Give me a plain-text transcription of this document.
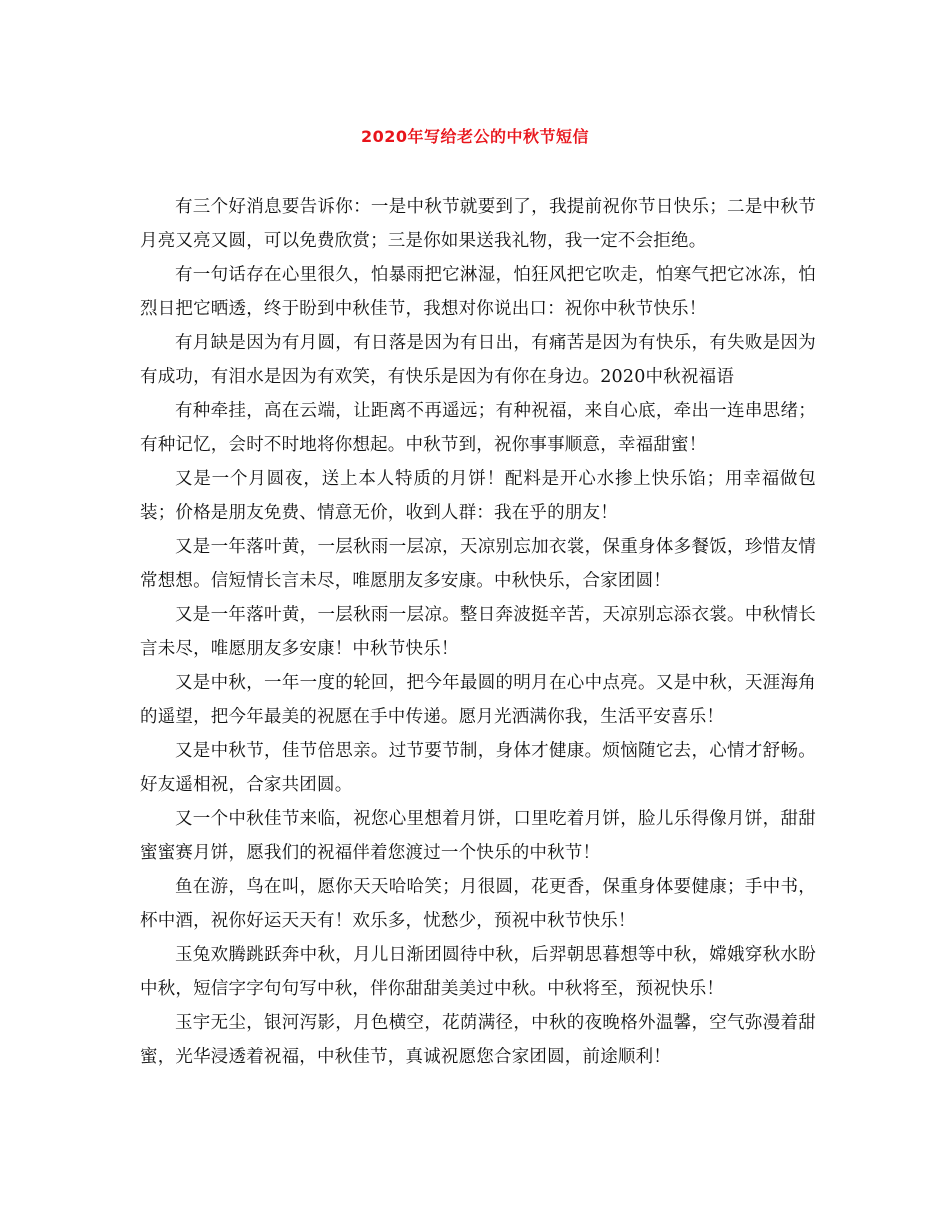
2020年写给老公的中秋节短信

有三个好消息要告诉你：一是中秋节就要到了，我提前祝你节日快乐；二是中秋节月亮又亮又圆，可以免费欣赏；三是你如果送我礼物，我一定不会拒绝。

有一句话存在心里很久，怕暴雨把它淋湿，怕狂风把它吹走，怕寒气把它冰冻，怕烈日把它晒透，终于盼到中秋佳节，我想对你说出口：祝你中秋节快乐！

有月缺是因为有月圆，有日落是因为有日出，有痛苦是因为有快乐，有失败是因为有成功，有泪水是因为有欢笑，有快乐是因为有你在身边。2020中秋祝福语

有种牵挂，高在云端，让距离不再遥远；有种祝福，来自心底，牵出一连串思绪；有种记忆，会时不时地将你想起。中秋节到，祝你事事顺意，幸福甜蜜！

又是一个月圆夜，送上本人特质的月饼！配料是开心水掺上快乐馅；用幸福做包装；价格是朋友免费、情意无价，收到人群：我在乎的朋友！

又是一年落叶黄，一层秋雨一层凉，天凉别忘加衣裳，保重身体多餐饭，珍惜友情常想想。信短情长言未尽，唯愿朋友多安康。中秋快乐，合家团圆！

又是一年落叶黄，一层秋雨一层凉。整日奔波挺辛苦，天凉别忘添衣裳。中秋情长言未尽，唯愿朋友多安康！中秋节快乐！

又是中秋，一年一度的轮回，把今年最圆的明月在心中点亮。又是中秋，天涯海角的遥望，把今年最美的祝愿在手中传递。愿月光洒满你我，生活平安喜乐！

又是中秋节，佳节倍思亲。过节要节制，身体才健康。烦恼随它去，心情才舒畅。好友遥相祝，合家共团圆。

又一个中秋佳节来临，祝您心里想着月饼，口里吃着月饼，脸儿乐得像月饼，甜甜蜜蜜赛月饼，愿我们的祝福伴着您渡过一个快乐的中秋节！

鱼在游，鸟在叫，愿你天天哈哈笑；月很圆，花更香，保重身体要健康；手中书，杯中酒，祝你好运天天有！欢乐多，忧愁少，预祝中秋节快乐！

玉兔欢腾跳跃奔中秋，月儿日渐团圆待中秋，后羿朝思暮想等中秋，嫦娥穿秋水盼中秋，短信字字句句写中秋，伴你甜甜美美过中秋。中秋将至，预祝快乐！

玉宇无尘，银河泻影，月色横空，花荫满径，中秋的夜晚格外温馨，空气弥漫着甜蜜，光华浸透着祝福，中秋佳节，真诚祝愿您合家团圆，前途顺利！
